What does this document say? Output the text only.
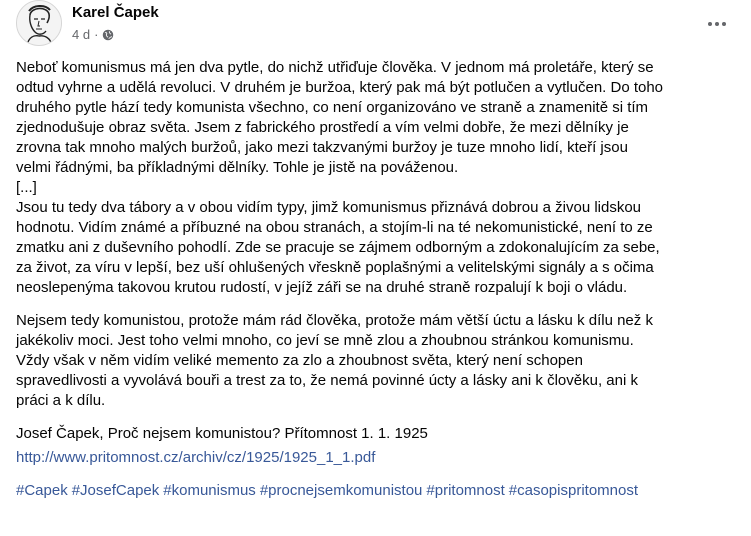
Karel Čapek
4 d ·
Neboť komunismus má jen dva pytle, do nichž utřiďuje člověka. V jednom má proletáře, který se
odtud vyhrne a udělá revoluci. V druhém je buržoa, který pak má být potlučen a vytlučen. Do toho
druhého pytle hází tedy komunista všechno, co není organizováno ve straně a znamenitě si tím
zjednodušuje obraz světa. Jsem z fabrického prostředí a vím velmi dobře, že mezi dělníky je
zrovna tak mnoho malých buržoů, jako mezi takzvanými buržoy je tuze mnoho lidí, kteří jsou
velmi řádnými, ba příkladnými dělníky. Tohle je jistě na pováženou.
[...]
Jsou tu tedy dva tábory a v obou vidím typy, jimž komunismus přiznává dobrou a živou lidskou
hodnotu. Vidím známé a příbuzné na obou stranách, a stojím-li na té nekomunistické, není to ze
zmatku ani z duševního pohodlí. Zde se pracuje se zájmem odborným a zdokonalujícím za sebe,
za život, za víru v lepší, bez uší ohlušených vřeskně poplašnými a velitelskými signály a s očima
neoslepenýma takovou krutou rudostí, v jejíž záři se na druhé straně rozpalují k boji o vládu.
Nejsem tedy komunistou, protože mám rád člověka, protože mám větší úctu a lásku k dílu než k
jakékoliv moci. Jest toho velmi mnoho, co jeví se mně zlou a zhoubnou stránkou komunismu.
Vždy však v něm vidím veliké memento za zlo a zhoubnost světa, který není schopen
spravedlivosti a vyvolává bouři a trest za to, že nemá povinné úcty a lásky ani k člověku, ani k
práci a k dílu.
Josef Čapek, Proč nejsem komunistou? Přítomnost 1. 1. 1925
http://www.pritomnost.cz/archiv/cz/1925/1925_1_1.pdf
#Capek #JosefCapek #komunismus #procnejsemkomunistou #pritomnost #casopispritomnost
